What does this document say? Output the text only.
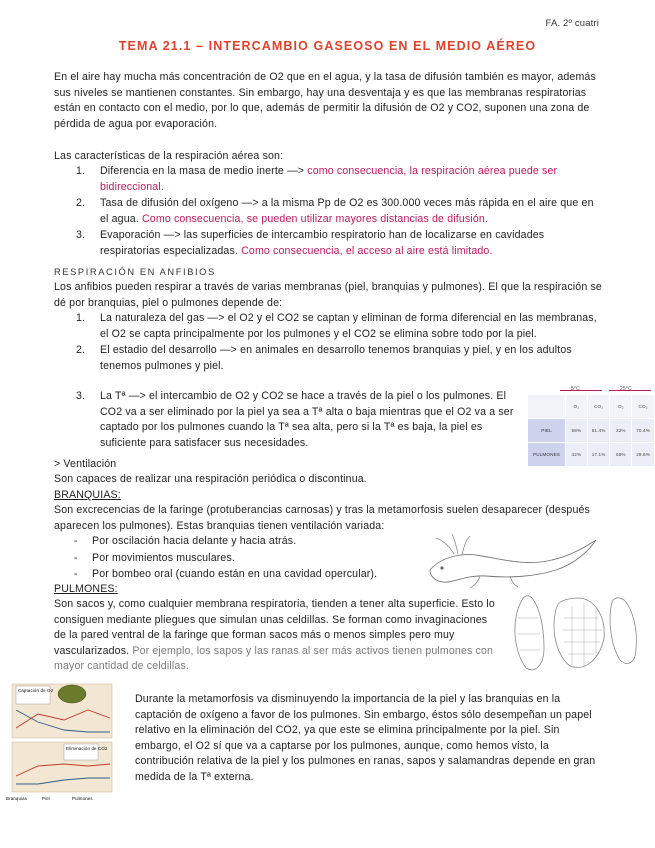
FA. 2º cuatri
TEMA 21.1 – INTERCAMBIO GASEOSO EN EL MEDIO AÉREO

En el aire hay mucha más concentración de O2 que en el agua, y la tasa de difusión también es mayor, además sus niveles se mantienen constantes. Sin embargo, hay una desventaja y es que las membranas respiratorias están en contacto con el medio, por lo que, además de permitir la difusión de O2 y CO2, suponen una zona de pérdida de agua por evaporación.

Las características de la respiración aérea son:
1. Diferencia en la masa de medio inerte —> como consecuencia, la respiración aérea puede ser bidireccional.
2. Tasa de difusión del oxígeno —> a la misma Pp de O2 es 300.000 veces más rápida en el aire que en el agua. Como consecuencia, se pueden utilizar mayores distancias de difusión.
3. Evaporación —> las superficies de intercambio respiratorio han de localizarse en cavidades respiratorias especializadas. Como consecuencia, el acceso al aire está limitado.
RESPIRACIÓN EN ANFIBIOS
Los anfibios pueden respirar a través de varias membranas (piel, branquias y pulmones). El que la respiración se dé por branquias, piel o pulmones depende de:
1. La naturaleza del gas —> el O2 y el CO2 se captan y eliminan de forma diferencial en las membranas, el O2 se capta principalmente por los pulmones y el CO2 se elimina sobre todo por la piel.
2. El estadio del desarrollo —> en animales en desarrollo tenemos branquias y piel, y en los adultos tenemos pulmones y piel.
3. La Tª —> el intercambio de O2 y CO2 se hace a través de la piel o los pulmones. El CO2 va a ser eliminado por la piel ya sea a Tª alta o baja mientras que el O2 va a ser captado por los pulmones cuando la Tª sea alta, pero si la Tª es baja, la piel es suficiente para satisfacer sus necesidades.
5°C	25°C
	O₂	CO₂	O₂	CO₂
PIEL	58%	81.4%	32%	70.4%
PULMONES	42%	17.1%	68%	29.6%
> Ventilación
Son capaces de realizar una respiración periódica o discontinua.
BRANQUIAS:
Son excrecencias de la faringe (protuberancias carnosas) y tras la metamorfosis suelen desaparecer (después aparecen los pulmones). Estas branquias tienen ventilación variada:
- Por oscilación hacia delante y hacia atrás.
- Por movimientos musculares.
- Por bombeo oral (cuando están en una cavidad opercular).
PULMONES:
Son sacos y, como cualquier membrana respiratoria, tienden a tener alta superficie. Esto lo consiguen mediante pliegues que simulan unas celdillas. Se forman como invaginaciones de la pared ventral de la faringe que forman sacos más o menos simples pero muy vascularizados. Por ejemplo, los sapos y las ranas al ser más activos tienen pulmones con mayor cantidad de celdillas.
Captación de O2
Eliminación de CO2
Branquias	Piel	Pulmones
Durante la metamorfosis va disminuyendo la importancia de la piel y las branquias en la captación de oxígeno a favor de los pulmones. Sin embargo, éstos sólo desempeñan un papel relativo en la eliminación del CO2, ya que este se elimina principalmente por la piel. Sin embargo, el O2 sí que va a captarse por los pulmones, aunque, como hemos visto, la contribución relativa de la piel y los pulmones en ranas, sapos y salamandras depende en gran medida de la Tª externa.
